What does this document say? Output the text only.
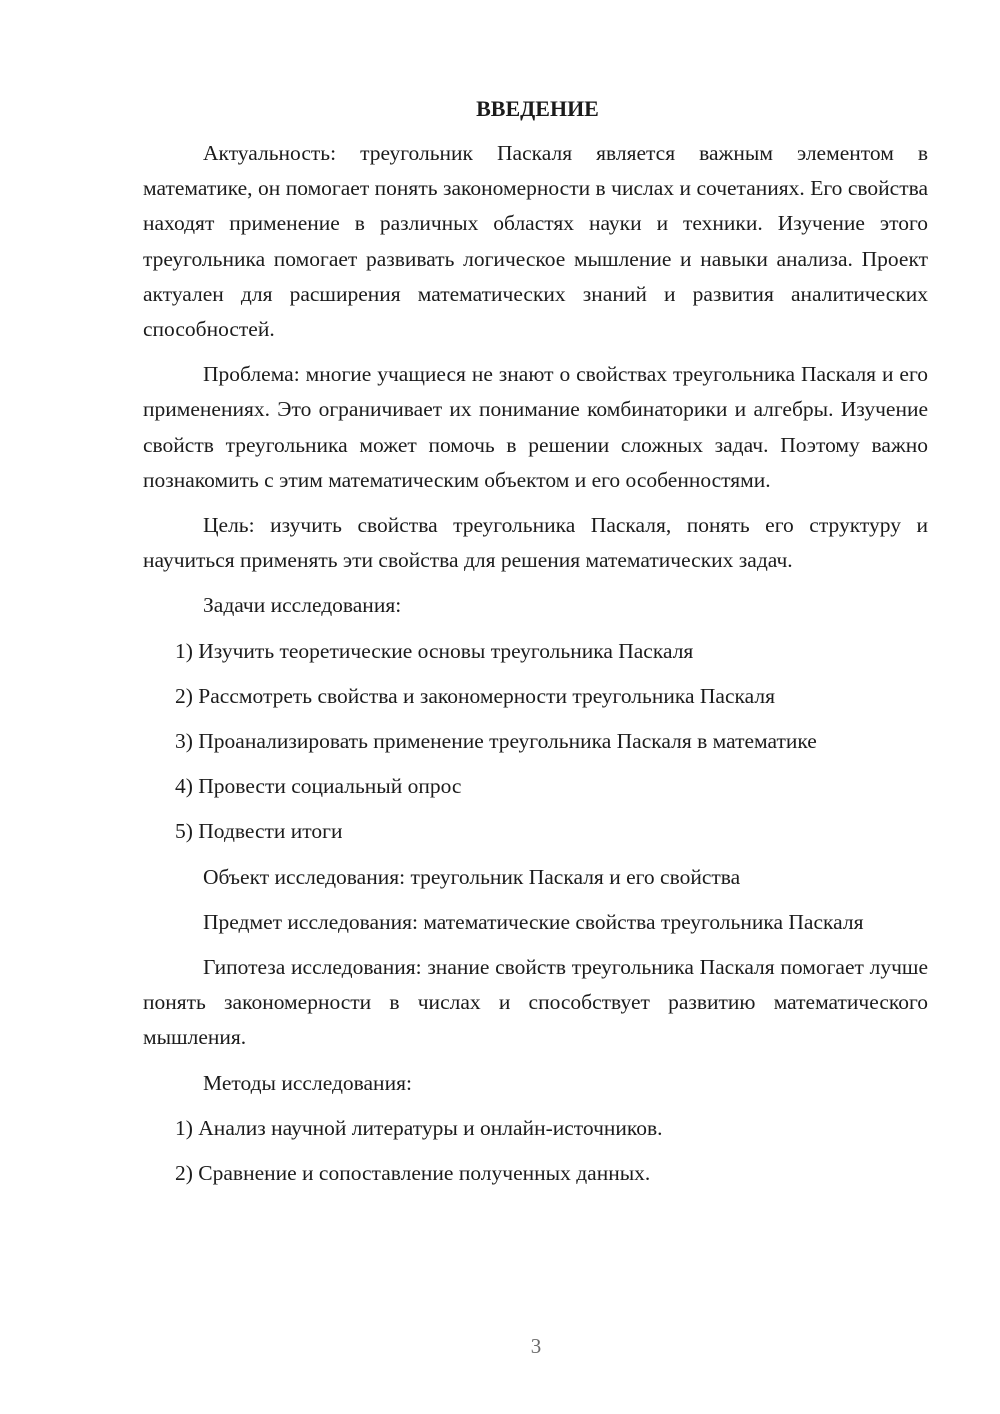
ВВЕДЕНИЕ

Актуальность: треугольник Паскаля является важным элементом в математике, он помогает понять закономерности в числах и сочетаниях. Его свойства находят применение в различных областях науки и техники. Изучение этого треугольника помогает развивать логическое мышление и навыки анализа. Проект актуален для расширения математических знаний и развития аналитических способностей.

Проблема: многие учащиеся не знают о свойствах треугольника Паскаля и его применениях. Это ограничивает их понимание комбинаторики и алгебры. Изучение свойств треугольника может помочь в решении сложных задач. Поэтому важно познакомить с этим математическим объектом и его особенностями.

Цель: изучить свойства треугольника Паскаля, понять его структуру и научиться применять эти свойства для решения математических задач.

Задачи исследования:

1) Изучить теоретические основы треугольника Паскаля

2) Рассмотреть свойства и закономерности треугольника Паскаля

3) Проанализировать применение треугольника Паскаля в математике

4) Провести социальный опрос

5) Подвести итоги

Объект исследования: треугольник Паскаля и его свойства

Предмет исследования: математические свойства треугольника Паскаля

Гипотеза исследования: знание свойств треугольника Паскаля помогает лучше понять закономерности в числах и способствует развитию математического мышления.

Методы исследования:

1) Анализ научной литературы и онлайн-источников.

2) Сравнение и сопоставление полученных данных.

3
